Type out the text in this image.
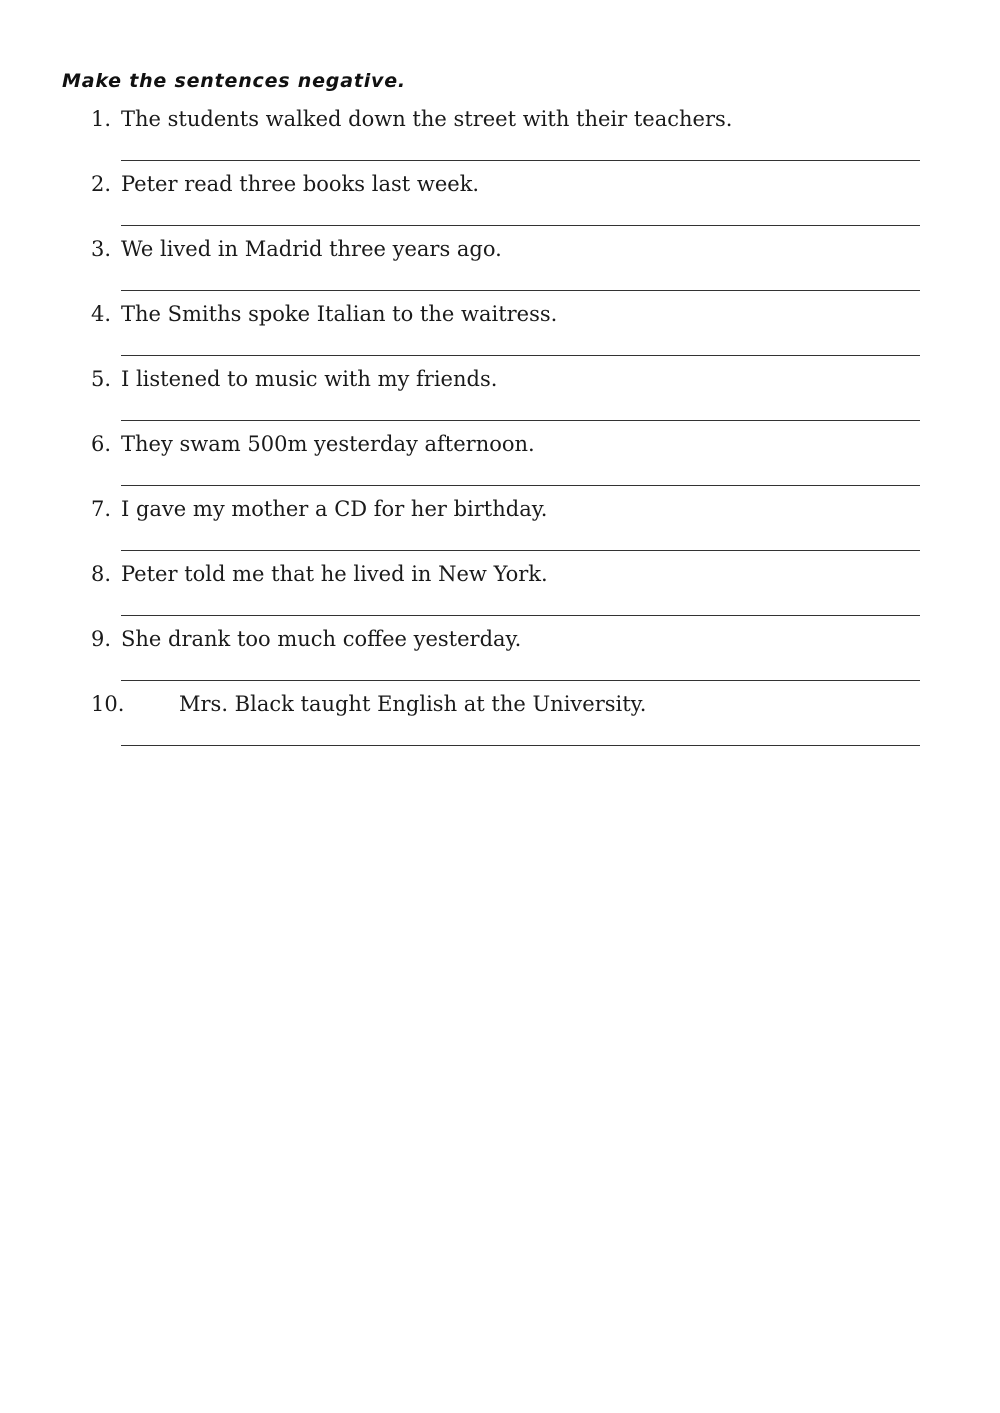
Make the sentences negative.
1. The students walked down the street with their teachers.
2. Peter read three books last week.
3. We lived in Madrid three years ago.
4. The Smiths spoke Italian to the waitress.
5. I listened to music with my friends.
6. They swam 500m yesterday afternoon.
7. I gave my mother a CD for her birthday.
8. Peter told me that he lived in New York.
9. She drank too much coffee yesterday.
10.	Mrs. Black taught English at the University.
